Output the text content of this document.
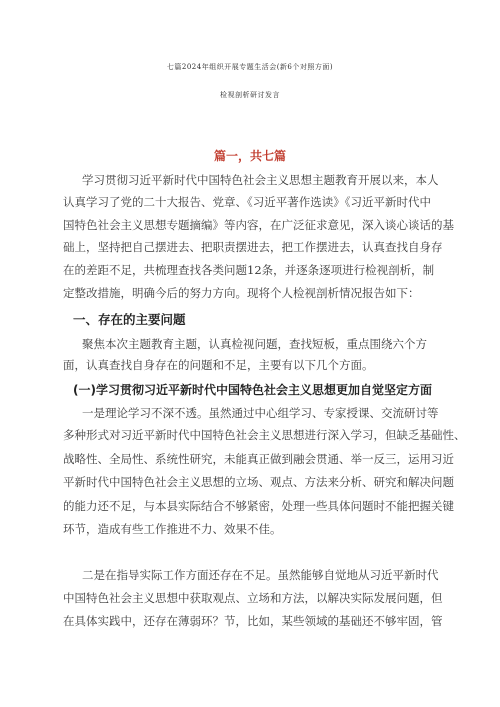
七篇2024年组织开展专题生活会(新6个对照方面)
检视剖析研讨发言
篇一，共七篇
学习贯彻习近平新时代中国特色社会主义思想主题教育开展以来，本人
认真学习了党的二十大报告、党章、《习近平著作选读》《习近平新时代中
国特色社会主义思想专题摘编》等内容，在广泛征求意见，深入谈心谈话的基
础上，坚持把自己摆进去、把职责摆进去，把工作摆进去，认真查找自身存
在的差距不足，共梳理查找各类问题12条，并逐条逐项进行检视剖析，制
定整改措施，明确今后的努力方向。现将个人检视剖析情况报告如下：
一、存在的主要问题
聚焦本次主题教育主题，认真检视问题，查找短板，重点围绕六个方
面，认真查找自身存在的问题和不足，主要有以下几个方面。
(一)学习贯彻习近平新时代中国特色社会主义思想更加自觉坚定方面
一是理论学习不深不透。虽然通过中心组学习、专家授课、交流研讨等
多种形式对习近平新时代中国特色社会主义思想进行深入学习，但缺乏基础性、
战略性、全局性、系统性研究，未能真正做到融会贯通、举一反三，运用习近
平新时代中国特色社会主义思想的立场、观点、方法来分析、研究和解决问题
的能力还不足，与本县实际结合不够紧密，处理一些具体问题时不能把握关键
环节，造成有些工作推进不力、效果不佳。
二是在指导实际工作方面还存在不足。虽然能够自觉地从习近平新时代
中国特色社会主义思想中获取观点、立场和方法，以解决实际发展问题，但
在具体实践中，还存在薄弱环？节，比如，某些领域的基础还不够牢固，管
